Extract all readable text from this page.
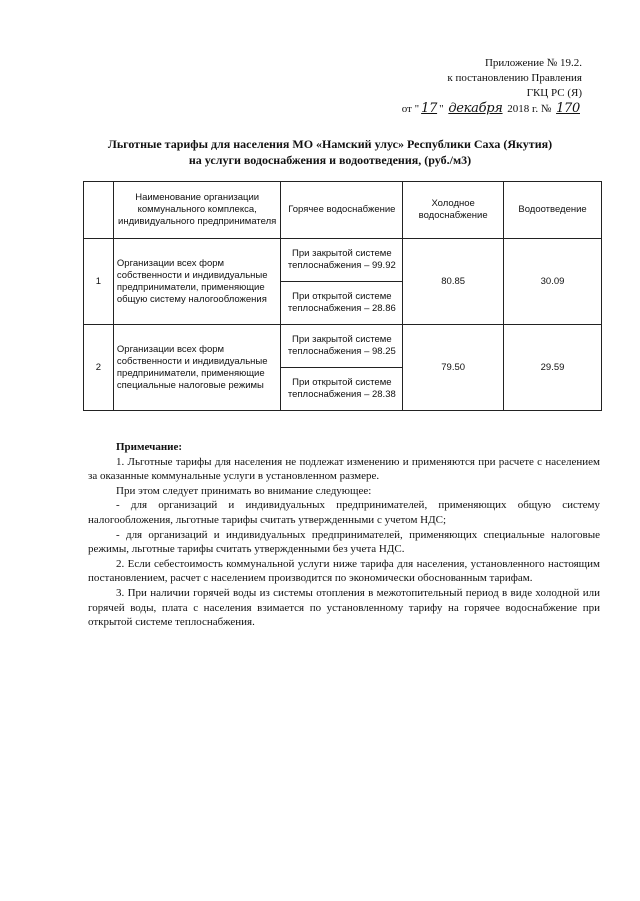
Приложение № 19.2.
к постановлению Правления
ГКЦ РС (Я)
от " 17 " декабря 2018 г. № 170
Льготные тарифы для населения МО «Намский улус» Республики Саха (Якутия)
на услуги водоснабжения и водоотведения, (руб./м3)
	Наименование организации коммунального комплекса, индивидуального предпринимателя	Горячее водоснабжение	Холодное водоснабжение	Водоотведение
1	Организации всех форм собственности и индивидуальные предприниматели, применяющие общую систему налогообложения	При закрытой системе теплоснабжения – 99.92	80.85	30.09
		При открытой системе теплоснабжения – 28.86		
2	Организации всех форм собственности и индивидуальные предприниматели, применяющие специальные налоговые режимы	При закрытой системе теплоснабжения – 98.25	79.50	29.59
		При открытой системе теплоснабжения – 28.38		

Примечание:

1. Льготные тарифы для населения не подлежат изменению и применяются при расчете с населением за оказанные коммунальные услуги в установленном размере.

При этом следует принимать во внимание следующее:

- для организаций и индивидуальных предпринимателей, применяющих общую систему налогообложения, льготные тарифы считать утвержденными с учетом НДС;

- для организаций и индивидуальных предпринимателей, применяющих специальные налоговые режимы, льготные тарифы считать утвержденными без учета НДС.

2. Если себестоимость коммунальной услуги ниже тарифа для населения, установленного настоящим постановлением, расчет с населением производится по экономически обоснованным тарифам.

3. При наличии горячей воды из системы отопления в межотопительный период в виде холодной или горячей воды, плата с населения взимается по установленному тарифу на горячее водоснабжение при открытой системе теплоснабжения.
